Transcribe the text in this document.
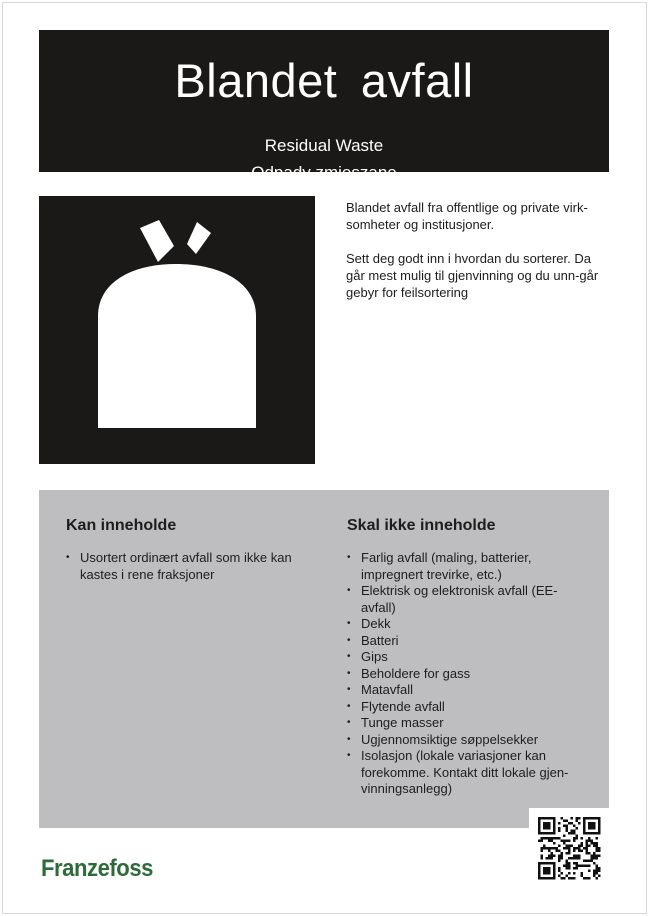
Blandet avfall
Residual Waste
Odpady zmieszane

Blandet avfall fra offentlige og private virk-somheter og institusjoner.

Sett deg godt inn i hvordan du sorterer. Da går mest mulig til gjenvinning og du unn-går gebyr for feilsortering

Kan inneholde
• Usortert ordinært avfall som ikke kan kastes i rene fraksjoner
Skal ikke inneholde
• Farlig avfall (maling, batterier, impregnert trevirke, etc.)
• Elektrisk og elektronisk avfall (EE-avfall)
• Dekk
• Batteri
• Gips
• Beholdere for gass
• Matavfall
• Flytende avfall
• Tunge masser
• Ugjennomsiktige søppelsekker
• Isolasjon (lokale variasjoner kan forekomme. Kontakt ditt lokale gjen-vinningsanlegg)
Franzefoss
